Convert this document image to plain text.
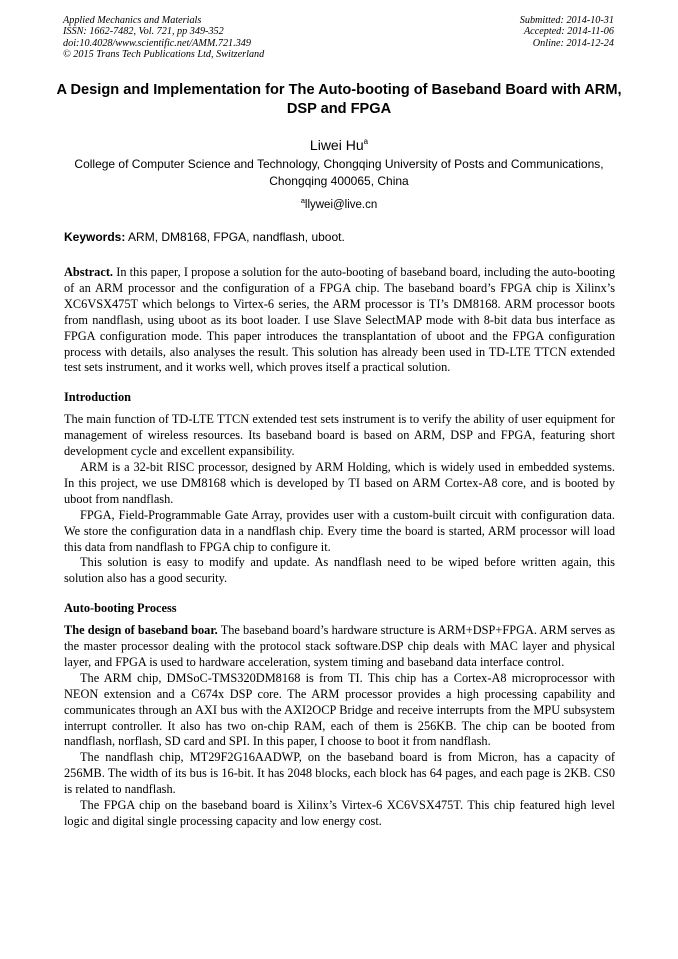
Applied Mechanics and Materials
ISSN: 1662-7482, Vol. 721, pp 349-352
doi:10.4028/www.scientific.net/AMM.721.349
© 2015 Trans Tech Publications Ltd, Switzerland
Submitted: 2014-10-31
Accepted: 2014-11-06
Online: 2014-12-24
A Design and Implementation for The Auto-booting of Baseband Board with ARM, DSP and FPGA
Liwei Hu$^a$
College of Computer Science and Technology, Chongqing University of Posts and Communications, Chongqing 400065, China
$^a$llywei@live.cn
Keywords: ARM, DM8168, FPGA, nandflash, uboot.

Abstract. In this paper, I propose a solution for the auto-booting of baseband board, including the auto-booting of an ARM processor and the configuration of a FPGA chip. The baseband board’s FPGA chip is Xilinx’s XC6VSX475T which belongs to Virtex-6 series, the ARM processor is TI’s DM8168. ARM processor boots from nandflash, using uboot as its boot loader. I use Slave SelectMAP mode with 8-bit data bus interface as FPGA configuration mode. This paper introduces the transplantation of uboot and the FPGA configuration process with details, also analyses the result. This solution has already been used in TD-LTE TTCN extended test sets instrument, and it works well, which proves itself a practical solution.

Introduction

The main function of TD-LTE TTCN extended test sets instrument is to verify the ability of user equipment for management of wireless resources. Its baseband board is based on ARM, DSP and FPGA, featuring short development cycle and excellent expansibility.

ARM is a 32-bit RISC processor, designed by ARM Holding, which is widely used in embedded systems. In this project, we use DM8168 which is developed by TI based on ARM Cortex-A8 core, and is booted by uboot from nandflash.

FPGA, Field-Programmable Gate Array, provides user with a custom-built circuit with configuration data. We store the configuration data in a nandflash chip. Every time the board is started, ARM processor will load this data from nandflash to FPGA chip to configure it.

This solution is easy to modify and update. As nandflash need to be wiped before written again, this solution also has a good security.

Auto-booting Process

The design of baseband boar. The baseband board’s hardware structure is ARM+DSP+FPGA. ARM serves as the master processor dealing with the protocol stack software.DSP chip deals with MAC layer and physical layer, and FPGA is used to hardware acceleration, system timing and baseband data interface control.

The ARM chip, DMSoC-TMS320DM8168 is from TI. This chip has a Cortex-A8 microprocessor with NEON extension and a C674x DSP core. The ARM processor provides a high processing capability and communicates through an AXI bus with the AXI2OCP Bridge and receive interrupts from the MPU subsystem interrupt controller. It also has two on-chip RAM, each of them is 256KB. The chip can be booted from nandflash, norflash, SD card and SPI. In this paper, I choose to boot it from nandflash.

The nandflash chip, MT29F2G16AADWP, on the baseband board is from Micron, has a capacity of 256MB. The width of its bus is 16-bit. It has 2048 blocks, each block has 64 pages, and each page is 2KB. CS0 is related to nandflash.

The FPGA chip on the baseband board is Xilinx’s Virtex-6 XC6VSX475T. This chip featured high level logic and digital single processing capacity and low energy cost.
